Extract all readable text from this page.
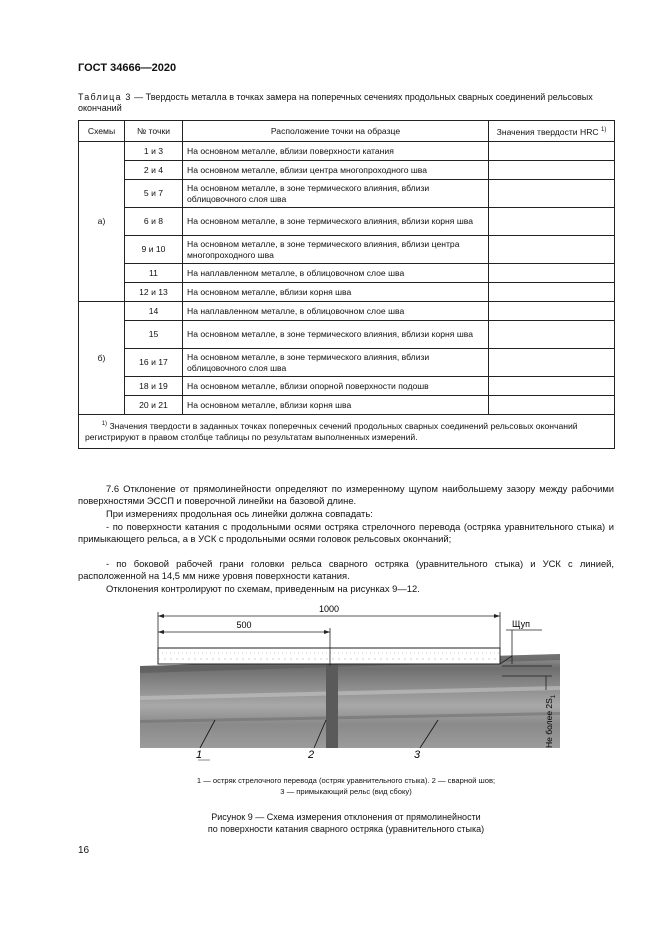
ГОСТ 34666—2020
Таблица 3 — Твердость металла в точках замера на поперечных сечениях продольных сварных соединений рельсовых окончаний
Схемы	№ точки	Расположение точки на образце	Значения твердости HRC $^{1)}$
а)	1 и 3	На основном металле, вблизи поверхности катания	
	2 и 4	На основном металле, вблизи центра многопроходного шва	
	5 и 7	На основном металле, в зоне термического влияния, вблизи облицовочного слоя шва	
	6 и 8	На основном металле, в зоне термического влияния, вблизи корня шва	
	9 и 10	На основном металле, в зоне термического влияния, вблизи центра многопроходного шва	
	11	На наплавленном металле, в облицовочном слое шва	
	12 и 13	На основном металле, вблизи корня шва	
б)	14	На наплавленном металле, в облицовочном слое шва	
	15	На основном металле, в зоне термического влияния, вблизи корня шва	
	16 и 17	На основном металле, в зоне термического влияния, вблизи облицовочного слоя шва	
	18 и 19	На основном металле, вблизи опорной поверхности подошв	
	20 и 21	На основном металле, вблизи корня шва	
$^{1)}$ Значения твердости в заданных точках поперечных сечений продольных сварных соединений рельсовых окончаний регистрируют в правом столбце таблицы по результатам выполненных измерений.			
7.6 Отклонение от прямолинейности определяют по измеренному щупом наибольшему зазору между рабочими поверхностями ЭССП и поверочной линейки на базовой длине.
При измерениях продольная ось линейки должна совпадать:
- по поверхности катания с продольными осями остряка стрелочного перевода (остряка уравнительного стыка) и примыкающего рельса, а в УСК с продольными осями головок рельсовых окончаний;
- по боковой рабочей грани головки рельса сварного остряка (уравнительного стыка) и УСК с линией, расположенной на 14,5 мм ниже уровня поверхности катания.
Отклонения контролируют по схемам, приведенным на рисунках 9—12.
1000
500	Щуп
Не более $2S_1$
1	2	3
1 — остряк стрелочного перевода (остряк уравнительного стыка). 2 — сварной шов;
3 — примыкающий рельс (вид сбоку)
Рисунок 9 — Схема измерения отклонения от прямолинейности
по поверхности катания сварного остряка (уравнительного стыка)
16
